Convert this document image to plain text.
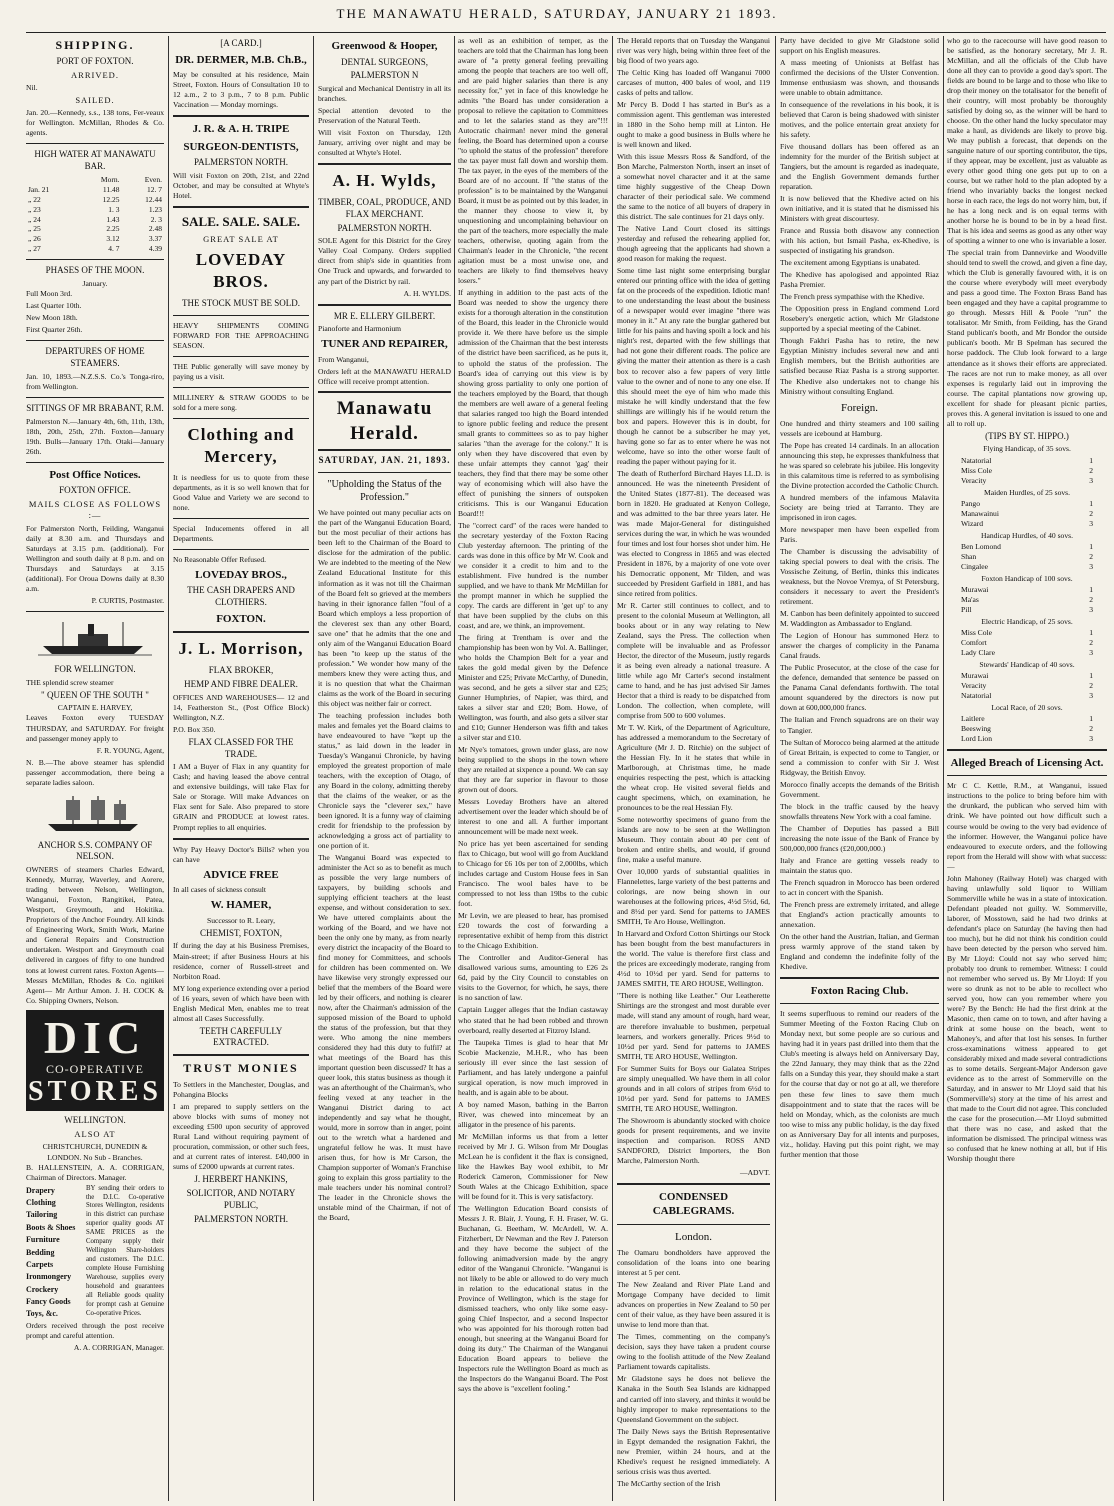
THE MANAWATU HERALD, SATURDAY, JANUARY 21 1893.
SHIPPING.
PORT OF FOXTON.
ARRIVED.

Nil.

SAILED.

Jan. 20.—Kennedy, s.s., 138 tons, Fer-veaux for Wellington. McMillan, Rhodes & Co. agents.

HIGH WATER AT MANAWATU BAR.
	Morn.	Even.
Jan. 21	11.48	12. 7
„ 22	12.25	12.44
„ 23	1. 3	1.23
„ 24	1.43	2. 3
„ 25	2.25	2.48
„ 26	3.12	3.37
„ 27	4. 7	4.39
PHASES OF THE MOON.
January.

Full Moon 3rd.

Last Quarter 10th.

New Moon 18th.

First Quarter 26th.

DEPARTURES OF HOME STEAMERS.

Jan. 10, 1893.—N.Z.S.S. Co.'s Tonga-riro, from Wellington.

SITTINGS OF MR BRABANT, R.M.

Palmerston N.—January 4th, 6th, 11th, 13th, 18th, 20th, 25th, 27th. Foxton—January 19th. Bulls—January 17th. Otaki—January 26th.

Post Office Notices.
FOXTON OFFICE.
MAILS CLOSE AS FOLLOWS :—

For Palmerston North, Feilding, Wanganui daily at 8.30 a.m. and Thursdays and Saturdays at 3.15 p.m. (additional). For Wellington and south daily at 8 p.m. and on Thursdays and Saturdays at 3.15 (additional). For Oroua Downs daily at 8.30 a.m.

P. CURTIS, Postmaster.

FOR WELLINGTON.

THE splendid screw steamer

" QUEEN OF THE SOUTH "
CAPTAIN E. HARVEY,

Leaves Foxton every TUESDAY THURSDAY, and SATURDAY. For freight and passenger money apply to

F. R. YOUNG, Agent,

N. B.—The above steamer has splendid passenger accommodation, there being a separate ladies saloon.

ANCHOR S.S. COMPANY OF NELSON.

OWNERS of steamers Charles Edward, Kennedy, Murray, Waverley, and Aorere, trading between Nelson, Wellington, Wanganui, Foxton, Rangitikei, Patea, Westport, Greymouth, and Hokitika. Proprietors of the Anchor Foundry. All kinds of Engineering Work, Smith Work, Marine and General Repairs and Construction undertaken. Westport and Greymouth coal delivered in cargoes of fifty to one hundred tons at lowest current rates. Foxton Agents— Messrs McMillan, Rhodes & Co. ngitikei Agent— Mr Arthur Amon. J. H. COCK & Co. Shipping Owners, Nelson.

DIC
CO-OPERATIVE
STORES
WELLINGTON.
ALSO AT
CHRISTCHURCH, DUNEDIN & LONDON. No Sub - Branches.

B. HALLENSTEIN, A. A. CORRIGAN, Chairman of Directors. Manager.

Drapery
Clothing
Tailoring
Boots & Shoes
Furniture
Bedding
Carpets
Ironmongery
Crockery
Fancy Goods
Toys, &c.

BY sending their orders to the D.I.C. Co-operative Stores Wellington, residents in this district can purchase superior quality goods AT SAME PRICES as the Company supply their Wellington Share-holders and customers. The D.I.C. complete House Furnishing Warehouse, supplies every household and guarantees all Reliable goods quality for prompt cash at Genuine Co-operative Prices.

Orders received through the post receive prompt and careful attention.

A. A. CORRIGAN, Manager.

[A CARD.]
DR. DERMER, M.B. Ch.B.,

May be consulted at his residence, Main Street, Foxton. Hours of Consultation 10 to 12 a.m., 2 to 3 p.m., 7 to 8 p.m. Public Vaccination — Monday mornings.

J. R. & A. H. TRIPE
SURGEON-DENTISTS,
PALMERSTON NORTH.

Will visit Foxton on 20th, 21st, and 22nd October, and may be consulted at Whyte's Hotel.

SALE. SALE. SALE.
GREAT SALE AT
LOVEDAY BROS.
THE STOCK MUST BE SOLD.

HEAVY SHIPMENTS COMING FORWARD FOR THE APPROACHING SEASON.

THE Public generally will save money by paying us a visit.

MILLINERY & STRAW GOODS to be sold for a mere song.

Clothing and Mercery,

It is needless for us to quote from these departments, as it is so well known that for Good Value and Variety we are second to none.

Special Inducements offered in all Departments.

No Reasonable Offer Refused.

LOVEDAY BROS.,
THE CASH DRAPERS AND CLOTHIERS.
FOXTON.
J. L. Morrison,
FLAX BROKER,
HEMP AND FIBRE DEALER.

OFFICES AND WAREHOUSES— 12 and 14, Featherston St., (Post Office Block) Wellington, N.Z.

P.O. Box 350.

FLAX CLASSED FOR THE TRADE.

I AM a Buyer of Flax in any quantity for Cash; and having leased the above central and extensive buildings, will take Flax for Sale or Storage. Will make Advances on Flax sent for Sale. Also prepared to store GRAIN and PRODUCE at lowest rates. Prompt replies to all enquiries.

Why Pay Heavy Doctor's Bills? when you can have

ADVICE FREE

In all cases of sickness consult

W. HAMER,
Successor to R. Leary,
CHEMIST, FOXTON,

If during the day at his Business Premises, Main-street; if after Business Hours at his residence, corner of Russell-street and Norbiton Road.

MY long experience extending over a period of 16 years, seven of which have been with English Medical Men, enables me to treat almost all Cases Successfully.

TEETH CAREFULLY EXTRACTED.
TRUST MONIES

To Settlers in the Manchester, Douglas, and Pohangina Blocks

I am prepared to supply settlers on the above blocks with sums of money not exceeding £500 upon security of approved Rural Land without requiring payment of procuration, commission, or other such fees, and at current rates of interest. £40,000 in sums of £2000 upwards at current rates.

J. HERBERT HANKINS,
SOLICITOR, AND NOTARY PUBLIC,
PALMERSTON NORTH.
Greenwood & Hooper,
DENTAL SURGEONS,
PALMERSTON N

Surgical and Mechanical Dentistry in all its branches.

Special attention devoted to the Preservation of the Natural Teeth.

Will visit Foxton on Thursday, 12th January, arriving over night and may be consulted at Whyte's Hotel.

A. H. Wylds,
TIMBER, COAL, PRODUCE, AND FLAX MERCHANT.
PALMERSTON NORTH.

SOLE Agent for this District for the Grey Valley Coal Company. Orders supplied direct from ship's side in quantities from One Truck and upwards, and forwarded to any part of the District by rail.

A. H. WYLDS.

MR E. ELLERY GILBERT.

Pianoforte and Harmonium

TUNER AND REPAIRER,

From Wanganui,

Orders left at the MANAWATU HERALD Office will receive prompt attention.

Manawatu Herald.
SATURDAY, JAN. 21, 1893.
"Upholding the Status of the Profession."

We have pointed out many peculiar acts on the part of the Wanganui Education Board, but the most peculiar of their actions has been left to the Chairman of the Board to disclose for the admiration of the public. We are indebted to the meeting of the New Zealand Educational Institute for this information as it was not till the Chairman of the Board felt so grieved at the members having in their ignorance fallen "foul of a Board which employs a less proportion of the cleverest sex than any other Board, save one" that he admits that the one and only aim of the Wanganui Education Board has been "to keep up the status of the profession." We wonder how many of the members knew they were acting thus, and it is no question that what the Chairman claims as the work of the Board in securing this object was neither fair or correct.

The teaching profession includes both males and females yet the Board claims to have endeavoured to have "kept up the status," as laid down in the leader in Tuesday's Wanganui Chronicle, by having employed the greatest proportion of male teachers, with the exception of Otago, of any Board in the colony, admitting thereby that the claims of the weaker, or as the Chronicle says the "cleverer sex," have been ignored. It is a funny way of claiming credit for friendship to the profession by acknowledging a gross act of partiality to one portion of it.

The Wanganui Board was expected to administer the Act so as to benefit as much as possible the very large numbers of taxpayers, by building schools and supplying efficient teachers at the least expense, and without consideration to sex. We have uttered complaints about the working of the Board, and we have not been the only one by many, as from nearly every district the incapacity of the Board to find money for Committees, and schools for children has been commented on. We have likewise very strongly expressed our belief that the members of the Board were led by their officers, and nothing is clearer now, after the Chairman's admission of the supposed mission of the Board to uphold the status of the profession, but that they were. Who among the nine members considered they had this duty to fulfil? at what meetings of the Board has this important question been discussed? It has a queer look, this status business as though it was an afterthought of the Chairman's, who feeling vexed at any teacher in the Wanganui District daring to act independently and say what he thought, would, more in sorrow than in anger, point out to the wretch what a hardened and ungrateful fellow he was. It must have arisen thus, for how is Mr Carson, the Champion supporter of Woman's Franchise going to explain this gross partiality to the male teachers under his nominal control? The leader in the Chronicle shows the unstable mind of the Chairman, if not of the Board,

as well as an exhibition of temper, as the teachers are told that the Chairman has long been aware of "a pretty general feeling prevailing among the people that teachers are too well off, and are paid higher salaries than there is any necessity for," yet in face of this knowledge he admits "the Board has under consideration a proposal to relieve the capitation to Committees and to let the salaries stand as they are"!!! Autocratic chairman! never mind the general feeling, the Board has determined upon a course "to uphold the status of the profession" therefore the tax payer must fall down and worship them. The tax payer, in the eyes of the members of the Board are of no account. If "the status of the profession" is to be maintained by the Wanganui Board, it must be as pointed out by this leader, in the manner they choose to view it, by unquestioning and uncomplaining behaviour on the part of the teachers, more especially the male teachers, otherwise, quoting again from the Chairman's leader in the Chronicle, "the recent agitation must be a most unwise one, and teachers are likely to find themselves heavy losers."

If anything in addition to the past acts of the Board was needed to show the urgency there exists for a thorough alteration in the constitution of the Board, this leader in the Chronicle would provide it. We there have before us the simple admission of the Chairman that the best interests of the district have been sacrificed, as he puts it, to uphold the status of the profession. The Board's idea of carrying out this view is by showing gross partiality to only one portion of the teachers employed by the Board, that though the members are well aware of a general feeling that salaries ranged too high the Board intended to ignore public feeling and reduce the present small grants to committees so as to pay higher salaries "than the average for the colony." It is only when they have discovered that even by these unfair attempts they cannot 'gag' their teachers, they find that there may be some other way of economising which will also have the effect of punishing the sinners of outspoken criticisms. This is our Wanganui Education Board!!!

The "correct card" of the races were handed to the secretary yesterday of the Foxton Racing Club yesterday afternoon. The printing of the cards was done in this office by Mr W. Cook and we consider it a credit to him and to the establishment. Five hundred is the number supplied, and we have to thank Mr McMillan for the prompt manner in which he supplied the copy. The cards are different in 'get up' to any that have been supplied by the clubs on this coast, and are, we think, an improvement.

The firing at Trentham is over and the championship has been won by Vol. A. Ballinger, who holds the Champion Belt for a year and takes the gold medal given by the Defence Minister and £25; Private McCarthy, of Dunedin, was second, and he gets a silver star and £25; Gunner Humphries, of Napier, was third, and takes a silver star and £20; Bom. Howe, of Wellington, was fourth, and also gets a silver star and £10; Gunner Henderson was fifth and takes a silver star and £10.

Mr Nye's tomatoes, grown under glass, are now being supplied to the shops in the town where they are retailed at sixpence a pound. We can say that they are far superior in flavour to those grown out of doors.

Messrs Loveday Brothers have an altered advertisement over the leader which should be of interest to one and all. A further important announcement will be made next week.

No price has yet been ascertained for sending flax to Chicago, but wool will go from Auckland to Chicago for £6 10s per ton of 2,000lbs, which includes cartage and Custom House fees in San Francisco. The wool bales have to be compressed to not less than 19lbs to the cubic foot.

Mr Levin, we are pleased to hear, has promised £20 towards the cost of forwarding a representative exhibit of hemp from this district to the Chicago Exhibition.

The Controller and Auditor-General has disallowed various sums, amounting to £26 2s 6d, paid by the City Council to constables on visits to the Governor, for which, he says, there is no sanction of law.

Captain Lugger alleges that the Indian castaway who stated that he had been robbed and thrown overboard, really deserted at Fitzroy Island.

The Taupeka Times is glad to hear that Mr Scobie Mackenzie, M.H.R., who has been seriously ill ever since the last session of Parliament, and has lately undergone a painful surgical operation, is now much improved in health, and is again able to be about.

A boy named Mason, bathing in the Barron River, was chewed into mincemeat by an alligator in the presence of his parents.

Mr McMillan informs us that from a letter received by Mr J. G. Wilson from Mr Douglas McLean he is confident it the flax is consigned, like the Hawkes Bay wool exhibit, to Mr Roderick Cameron, Commissioner for New South Wales at the Chicago Exhibition, space will be found for it. This is very satisfactory.

The Wellington Education Board consists of Messrs J. R. Blair, J. Young, F. H. Fraser, W. G. Buchanan, G. Beetham, W. McArdell, W. A. Fitzherbert, Dr Newman and the Rev J. Paterson and they have become the subject of the following animadversion made by the angry editor of the Wanganui Chronicle. "Wanganui is not likely to be able or allowed to do very much in relation to the educational status in the Province of Wellington, which is the stage for dismissed teachers, who only like some easy-going Chief Inspector, and a second Inspector who was appointed for his thorough rotten bad enough, but sneering at the Wanganui Board for doing its duty." The Chairman of the Wanganui Education Board appears to believe the Inspectors rule the Wellington Board as much as the Inspectors do the Wanganui Board. The Post says the above is "excellent fooling."

The Herald reports that on Tuesday the Wanganui river was very high, being within three feet of the big flood of two years ago.

The Celtic King has loaded off Wanganui 7000 carcases of mutton, 400 bales of wool, and 119 casks of pelts and tallow.

Mr Percy B. Dodd I has started in Bur's as a commission agent. This gentleman was interested in 1880 in the Soho hemp mill at Linton. He ought to make a good business in Bulls where he is well known and liked.

With this issue Messrs Ross & Sandford, of the Bon Marche, Palmerston North, insert an inset of a somewhat novel character and it at the same time highly suggestive of the Cheap Down character of their periodical sale. We commend the same to the notice of all buyers of drapery in this district. The sale continues for 21 days only.

The Native Land Court closed its sittings yesterday and refused the rehearing applied for, though agreeing that the applicants had shown a good reason for making the request.

Some time last night some enterprising burglar entered our printing office with the idea of getting fat on the proceeds of the expedition. Idiotic man! to one understanding the least about the business of a newspaper would ever imagine "there was money in it." At any rate the burglar gathered but little for his pains and having spoilt a lock and his night's rest, departed with the few shillings that had not gone their different roads. The police are giving the matter their attention as there is a cash box to recover also a few papers of very little value to the owner and of none to any one else. If this should meet the eye of him who made this mistake he will kindly understand that the few shillings are willingly his if he would return the box and papers. However this is in doubt, for though he cannot be a subscriber he may yet, having gone so far as to enter where he was not welcome, have so into the other worse fault of reading the paper without paying for it.

The death of Rutherford Birchard Hayes LL.D. is announced. He was the nineteenth President of the United States (1877-81). The deceased was born in 1820. He graduated at Kenyon College, and was admitted to the bar three years later. He was made Major-General for distinguished services during the war, in which he was wounded four times and lost four horses shot under him. He was elected to Congress in 1865 and was elected President in 1876, by a majority of one vote over his Democratic opponent, Mr Tilden, and was succeeded by President Garfield in 1881, and has since retired from politics.

Mr R. Carter still continues to collect, and to present to the colonial Museum at Wellington, all books about or in any way relating to New Zealand, says the Press. The collection when complete will be invaluable and as Professor Hector, the director of the Museum, justly regards it as being even already a national treasure. A little while ago Mr Carter's second instalment came to hand, and he has just advised Sir James Hector that a third is ready to be dispatched from London. The collection, when complete, will comprise from 500 to 600 volumes.

Mr T. W. Kirk, of the Department of Agriculture, has addressed a memorandum to the Secretary of Agriculture (Mr J. D. Ritchie) on the subject of the Hessian Fly. In it he states that while in Marlborough, at Christmas time, he made enquiries respecting the pest, which is attacking the wheat crop. He visited several fields and caught specimens, which, on examination, he pronounces to be the real Hessian Fly.

Some noteworthy specimens of guano from the islands are now to be seen at the Wellington Museum. They contain about 40 per cent of broken and entire shells, and would, if ground fine, make a useful manure.

Over 10,000 yards of substantial qualities in Flannelettes, large variety of the best patterns and colorings, are now being shown in our warehouses at the following prices, 4½d 5½d, 6d, and 8½d per yard. Send for patterns to JAMES SMITH, Te Aro House, Wellington.

In Harvard and Oxford Cotton Shirtings our Stock has been bought from the best manufacturers in the world. The value is therefore first class and the prices are exceedingly moderate, ranging from 4½d to 10½d per yard. Send for patterns to JAMES SMITH, TE ARO HOUSE, Wellington.

"There is nothing like Leather." Our Leatherette Shirtings are the strongest and most durable ever made, will stand any amount of rough, hard wear, are therefore invaluable to bushmen, perpetual learners, and workers generally. Prices 9½d to 10½d per yard. Send for patterns to JAMES SMITH, TE ARO HOUSE, Wellington.

For Summer Suits for Boys our Galatea Stripes are simply unequalled. We have them in all color grounds and in all colors of stripes from 6½d to 10½d per yard. Send for patterns to JAMES SMITH, TE ARO HOUSE, Wellington.

The Showroom is abundantly stocked with choice goods for present requirements, and we invite inspection and comparison. ROSS AND SANDFORD, District Importers, the Bon Marche, Palmerston North.

—ADVT.

CONDENSED CABLEGRAMS.
London.

The Oamaru bondholders have approved the consolidation of the loans into one bearing interest at 5 per cent.

The New Zealand and River Plate Land and Mortgage Company have decided to limit advances on properties in New Zealand to 50 per cent of their value, as they have been assured it is unwise to lend more than that.

The Times, commenting on the company's decision, says they have taken a prudent course owing to the foolish attitude of the New Zealand Parliament towards capitalists.

Mr Gladstone says he does not believe the Kanaka in the South Sea Islands are kidnapped and carried off into slavery, and thinks it would be highly improper to make representations to the Queensland Government on the subject.

The Daily News says the British Representative in Egypt demanded the resignation Fakhri, the new Premier, within 24 hours, and at the Khedive's request he resigned immediately. A serious crisis was thus averted.

The McCarthy section of the Irish

Party have decided to give Mr Gladstone solid support on his English measures.

A mass meeting of Unionists at Belfast has confirmed the decisions of the Ulster Convention. Immense enthusiasm was shown, and thousands were unable to obtain admittance.

In consequence of the revelations in his book, it is believed that Caron is being shadowed with sinister motives, and the police entertain great anxiety for his safety.

Five thousand dollars has been offered as an indemnity for the murder of the British subject at Tangiers, but the amount is regarded as inadequate, and the English Government demands further reparation.

It is now believed that the Khedive acted on his own initiative, and it is stated that he dismissed his Ministers with great discourtesy.

France and Russia both disavow any connection with his action, but Ismail Pasha, ex-Khedive, is suspected of instigating his grandson.

The excitement among Egyptians is unabated.

The Khedive has apologised and appointed Riaz Pasha Premier.

The French press sympathise with the Khedive.

The Opposition press in England commend Lord Rosebery's energetic action, which Mr Gladstone supported by a special meeting of the Cabinet.

Though Fakhri Pasha has to retire, the new Egyptian Ministry includes several new and anti English members, but the British authorities are satisfied because Riaz Pasha is a strong supporter. The Khedive also undertakes not to change his Ministry without consulting England.

Foreign.

One hundred and thirty steamers and 100 sailing vessels are icebound at Hamburg.

The Pope has created 14 cardinals. In an allocation announcing this step, he expresses thankfulness that he was spared so celebrate his jubilee. His longevity in this calamitous time is referred to as symbolising the Divine protection accorded the Catholic Church.

A hundred members of the infamous Malavita Society are being tried at Tarranto. They are imprisoned in iron cages.

More newspaper men have been expelled from Paris.

The Chamber is discussing the advisability of taking special powers to deal with the crisis. The Vossische Zeitung, of Berlin, thinks this indicates weakness, but the Novoe Vremya, of St Petersburg, considers it necessary to avert the President's retirement.

M. Canbon has been definitely appointed to succeed M. Waddington as Ambassador to England.

The Legion of Honour has summoned Herz to answer the charges of complicity in the Panama Canal frauds.

The Public Prosecutor, at the close of the case for the defence, demanded that sentence be passed on the Panama Canal defendants forthwith. The total amount squandered by the directors is now put down at 600,000,000 francs.

The Italian and French squadrons are on their way to Tangier.

The Sultan of Morocco being alarmed at the attitude of Great Britain, is expected to come to Tangier, or send a commission to confer with Sir J. West Ridgway, the British Envoy.

Morocco finally accepts the demands of the British Government.

The block in the traffic caused by the heavy snowfalls threatens New York with a coal famine.

The Chamber of Deputies has passed a Bill increasing the note issue of the Bank of France by 500,000,000 francs (£20,000,000.)

Italy and France are getting vessels ready to maintain the status quo.

The French squadron in Morocco has been ordered to act in concert with the Spanish.

The French press are extremely irritated, and allege that England's action practically amounts to annexation.

On the other hand the Austrian, Italian, and German press warmly approve of the stand taken by England and condemn the indefinite folly of the Khedive.

Foxton Racing Club.

It seems superfluous to remind our readers of the Summer Meeting of the Foxton Racing Club on Monday next, but some people are so curious and having had it in years past drilled into them that the Club's meeting is always held on Anniversary Day, the 22nd January, they may think that as the 22nd falls on a Sunday this year, they should make a start for the course that day or not go at all, we therefore pen these few lines to save them much disappointment and to state that the races will be held on Monday, which, as the colonists are much too wise to miss any public holiday, is the day fixed on as Anniversary Day for all intents and purposes, viz., holiday. Having put this point right, we may further mention that those

who go to the racecourse will have good reason to be satisfied, as the honorary secretary, Mr J. R. McMillan, and all the officials of the Club have done all they can to provide a good day's sport. The fields are bound to be large and to those who like to drop their money on the totalisator for the benefit of their country, will most probably be thoroughly satisfied by doing so, as the winner will be hard to choose. On the other hand the lucky speculator may make a haul, as dividends are likely to prove big. We may publish a forecast, that depends on the sanguine nature of our sporting contributor, the tips, if they appear, may be excellent, just as valuable as every other good thing one gets put up to on a course, but we rather hold to the plan adopted by a friend who invariably backs the longest necked horse in each race, the legs do not worry him, but, if he has a long neck and is on equal terms with another horse he is bound to be in by a head first. That is his idea and seems as good as any other way of spotting a winner to one who is invariable a loser.

The special train from Dannevirke and Woodville should tend to swell the crowd, and given a fine day, which the Club is generally favoured with, it is on the course where everybody will meet everybody and pass a good time. The Foxton Brass Band has been engaged and they have a capital programme to go through. Messrs Hill & Poole "run" the totalisator. Mr Smith, from Feilding, has the Grand Stand publican's booth, and Mr Bondor the outside publican's booth. Mr B Spelman has secured the horse paddock. The Club look forward to a large attendance as it shows their efforts are appreciated. The races are not run to make money, as all over expenses is regularly laid out in improving the course. The capital plantations now growing up, excellent for shade for pleasant picnic parties, proves this. A general invitation is issued to one and all to roll up.

(TIPS BY ST. HIPPO.)
Flying Handicap, of 35 sovs.
Natatorial	1
Miss Cole	2
Veracity	3
Maiden Hurdles, of 25 sovs.
Pango	1
Manawainui	2
Wizard	3
Handicap Hurdles, of 40 sovs.
Ben Lomond	1
Shan	2
Cingalee	3
Foxton Handicap of 100 sovs.
Murawai	1
Ma'as	2
Pill	3
Electric Handicap, of 25 sovs.
Miss Cole	1
Comfort	2
Lady Clare	3
Stewards' Handicap of 40 sovs.
Murawai	1
Veracity	2
Natatorial	3
Local Race, of 20 sovs.
Laitlere	1
Beeswing	2
Lord Lion	3
Alleged Breach of Licensing Act.

Mr C C. Kettle, R.M., at Wanganui, issued instructions to the police to bring before him with the drunkard, the publican who served him with drink. We have pointed out how difficult such a course would be owing to the very bad evidence of the informer. However, the Wanganui police have endeavoured to execute orders, and the following report from the Herald will show with what success:—

John Mahoney (Railway Hotel) was charged with having unlawfully sold liquor to William Sommerville while he was in a state of intoxication. Defendant pleaded not guilty. W. Sommerville, laborer, of Mosstown, said he had two drinks at defendant's place on Saturday (he having then had too much), but he did not think his condition could have been detected by the person who served him. By Mr Lloyd: Could not say who served him; probably too drunk to remember. Witness: I could not remember who served us. By Mr Lloyd: If you were so drunk as not to be able to recollect who served you, how can you remember where you were? By the Bench: He had the first drink at the Masonic, then came on to town, and after having a drink at some house on the beach, went to Mahoney's, and after that lost his senses. In further cross-examinations witness appeared to get considerably mixed and made several contradictions as to some details. Sergeant-Major Anderson gave evidence as to the arrest of Sommerville on the Saturday, and in answer to Mr Lloyd said that his (Sommerville's) story at the time of his arrest and that made to the Court did not agree. This concluded the case for the prosecution.—Mr Lloyd submitted that there was no case, and asked that the information be dismissed. The principal witness was so confused that he knew nothing at all, but if His Worship thought there
